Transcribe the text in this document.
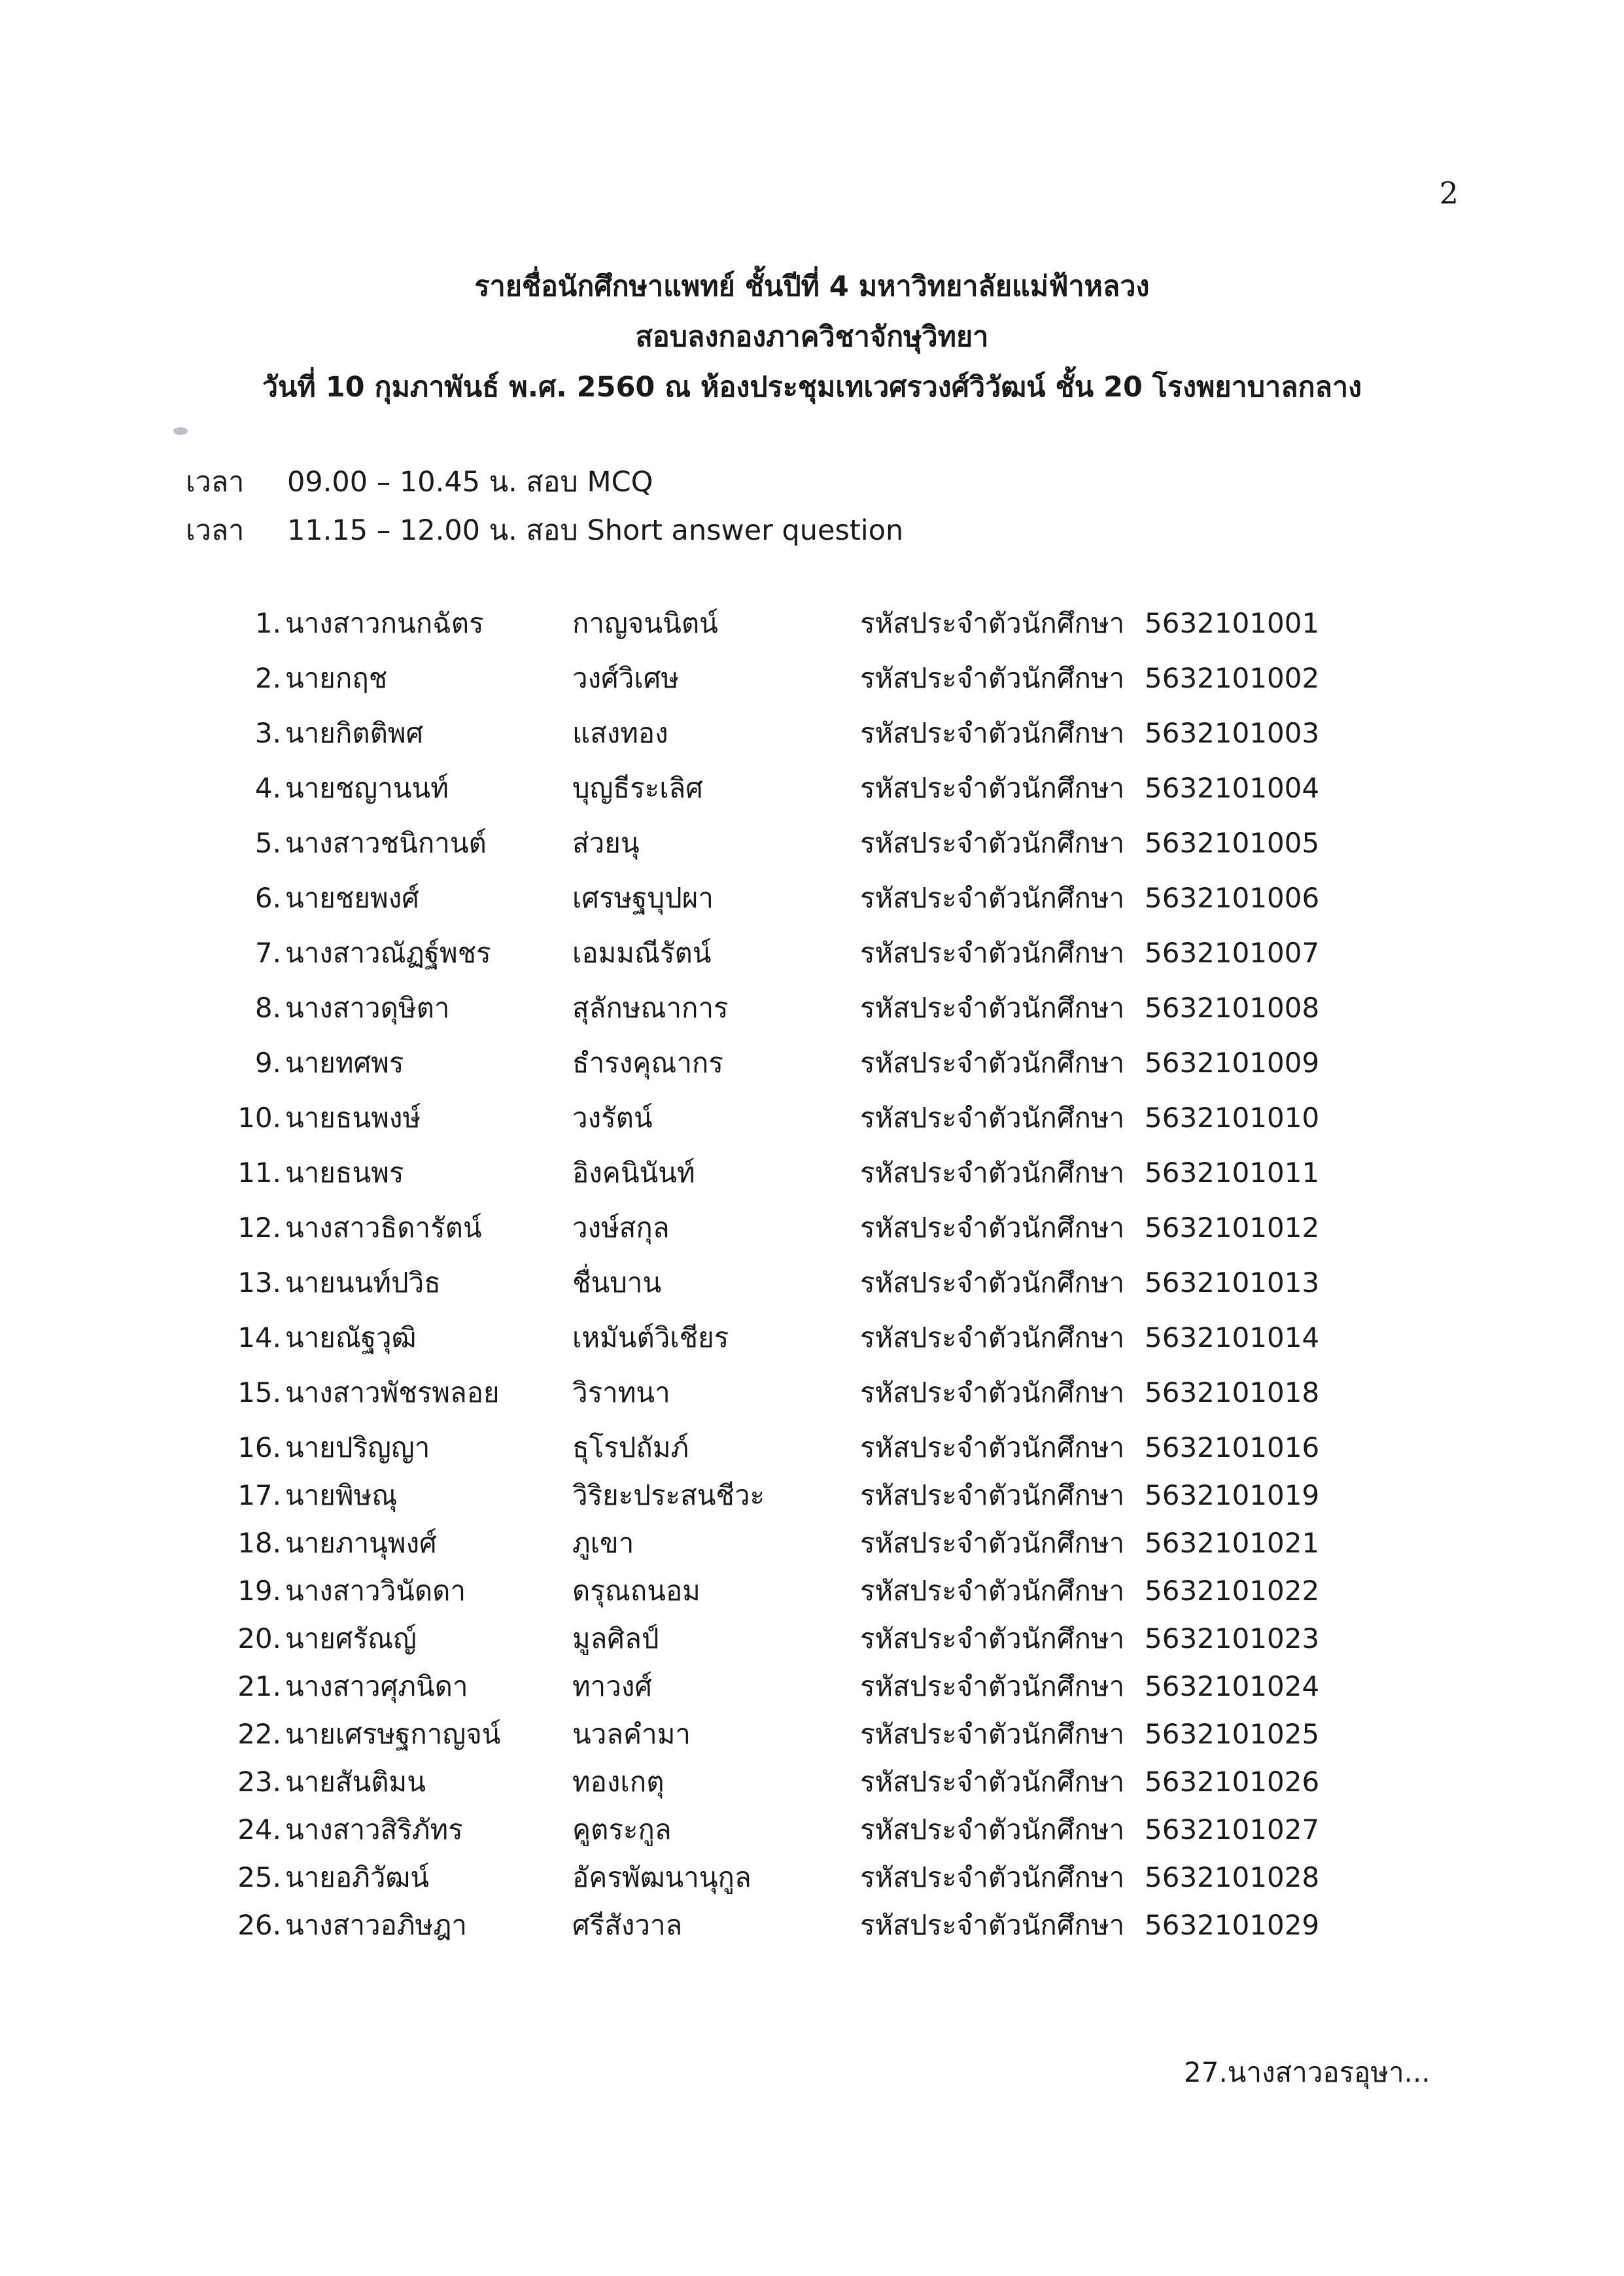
2
รายชื่อนักศึกษาแพทย์ ชั้นปีที่ 4 มหาวิทยาลัยแม่ฟ้าหลวง
สอบลงกองภาควิชาจักษุวิทยา
วันที่ 10 กุมภาพันธ์ พ.ศ. 2560 ณ ห้องประชุมเทเวศรวงศ์วิวัฒน์ ชั้น 20 โรงพยาบาลกลาง
เวลา	09.00 – 10.45 น. สอบ MCQ
เวลา	11.15 – 12.00 น. สอบ Short answer question
1. นางสาวกนกฉัตร	กาญจนนิตน์	รหัสประจำตัวนักศึกษา 5632101001
2. นายกฤช	วงศ์วิเศษ	รหัสประจำตัวนักศึกษา 5632101002
3. นายกิตติพศ	แสงทอง	รหัสประจำตัวนักศึกษา 5632101003
4. นายชญานนท์	บุญธีระเลิศ	รหัสประจำตัวนักศึกษา 5632101004
5. นางสาวชนิกานต์	ส่วยนุ	รหัสประจำตัวนักศึกษา 5632101005
6. นายชยพงศ์	เศรษฐบุปผา	รหัสประจำตัวนักศึกษา 5632101006
7. นางสาวณัฏฐ์พชร	เอมมณีรัตน์	รหัสประจำตัวนักศึกษา 5632101007
8. นางสาวดุษิตา	สุลักษณาการ	รหัสประจำตัวนักศึกษา 5632101008
9. นายทศพร	ธำรงคุณากร	รหัสประจำตัวนักศึกษา 5632101009
10. นายธนพงษ์	วงรัตน์	รหัสประจำตัวนักศึกษา 5632101010
11. นายธนพร	อิงคนินันท์	รหัสประจำตัวนักศึกษา 5632101011
12. นางสาวธิดารัตน์	วงษ์สกุล	รหัสประจำตัวนักศึกษา 5632101012
13. นายนนท์ปวิธ	ชื่นบาน	รหัสประจำตัวนักศึกษา 5632101013
14. นายณัฐวุฒิ	เหมันต์วิเชียร	รหัสประจำตัวนักศึกษา 5632101014
15. นางสาวพัชรพลอย	วิราทนา	รหัสประจำตัวนักศึกษา 5632101018
16. นายปริญญา	ธุโรปถัมภ์	รหัสประจำตัวนักศึกษา 5632101016
17. นายพิษณุ	วิริยะประสนชีวะ	รหัสประจำตัวนักศึกษา 5632101019
18. นายภานุพงศ์	ภูเขา	รหัสประจำตัวนักศึกษา 5632101021
19. นางสาววินัดดา	ดรุณถนอม	รหัสประจำตัวนักศึกษา 5632101022
20. นายศรัณญ์	มูลศิลป์	รหัสประจำตัวนักศึกษา 5632101023
21. นางสาวศุภนิดา	ทาวงศ์	รหัสประจำตัวนักศึกษา 5632101024
22. นายเศรษฐกาญจน์	นวลคำมา	รหัสประจำตัวนักศึกษา 5632101025
23. นายสันติมน	ทองเกตุ	รหัสประจำตัวนักศึกษา 5632101026
24. นางสาวสิริภัทร	คูตระกูล	รหัสประจำตัวนักศึกษา 5632101027
25. นายอภิวัฒน์	อัครพัฒนานุกูล	รหัสประจำตัวนักศึกษา 5632101028
26. นางสาวอภิษฎา	ศรีสังวาล	รหัสประจำตัวนักศึกษา 5632101029
27.นางสาวอรอุษา...
